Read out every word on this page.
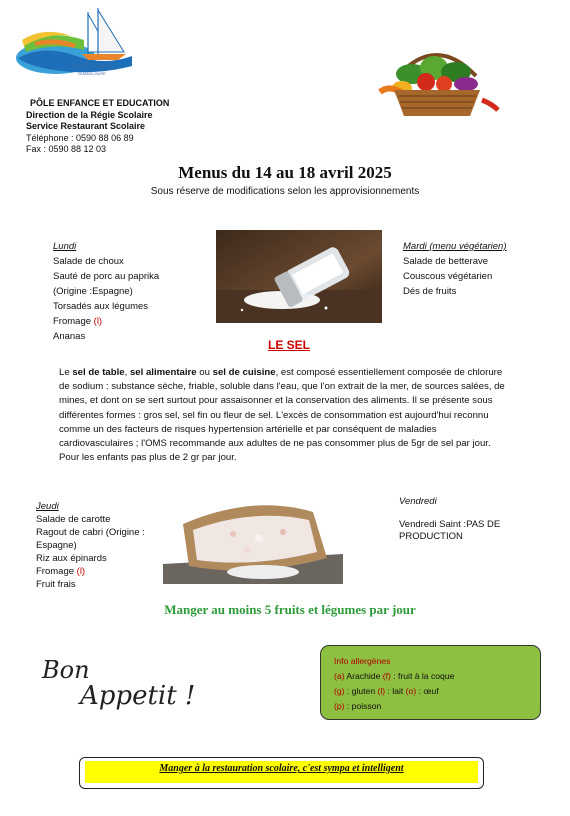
SAINTE-ANNE
GUADELOUPE
PÔLE ENFANCE ET EDUCATION
Direction de la Régie Scolaire
Service Restaurant Scolaire
Téléphone : 0590 88 06 89
Fax : 0590 88 12 03
Menus du 14 au 18 avril 2025
Sous réserve de modifications selon les approvisionnements
Lundi
Salade de choux
Sauté de porc au paprika
(Origine :Espagne)
Torsadés aux légumes
Fromage (l)
Ananas
Mardi (menu végétarien)
Salade de betterave
Couscous végétarien
Dés de fruits
LE SEL
Le sel de table, sel alimentaire ou sel de cuisine, est composé essentiellement composée de chlorure de sodium : substance sèche, friable, soluble dans l'eau, que l'on extrait de la mer, de sources salées, de mines, et dont on se sert surtout pour assaisonner et la conservation des aliments. Il se présente sous différentes formes : gros sel, sel fin ou fleur de sel. L'excès de consommation est aujourd'hui reconnu comme un des facteurs de risques hypertension artérielle et par conséquent de maladies cardiovasculaires ; l'OMS recommande aux adultes de ne pas consommer plus de 5gr de sel par jour. Pour les enfants pas plus de 2 gr par jour.
Jeudi
Salade de carotte
Ragout de cabri (Origine :
Espagne)
Riz aux épinards
Fromage (l)
Fruit frais
Vendredi
Vendredi Saint :PAS DE
PRODUCTION
Manger au moins 5 fruits et légumes par jour
Bon
Appetit !
Info allergènes
(a) Arachide (f) : fruit à la coque
(g) : gluten (l) : lait (o) : œuf
(p) : poisson
Manger à la restauration scolaire, c'est sympa et intelligent
